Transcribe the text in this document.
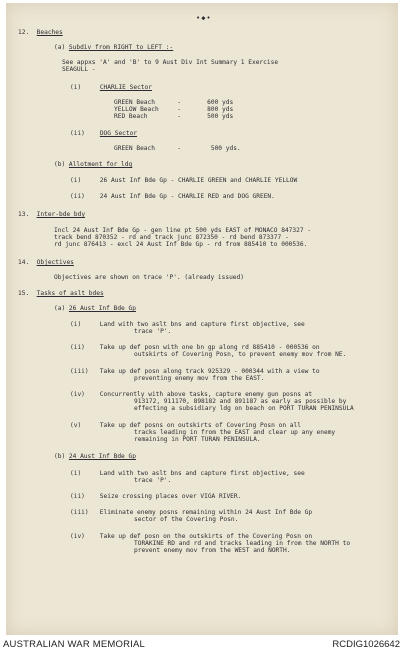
•◆•
12.  Beaches
(a) Subdiv from RIGHT to LEFT :-
See appxs 'A' and 'B' to 9 Aust Div Int Summary 1 Exercise
SEAGULL -
(i)     CHARLIE Sector
GREEN Beach      -       600 yds
YELLOW Beach     -       800 yds
RED Beach        -       500 yds
(ii)    DOG Sector
GREEN Beach      -        500 yds.
(b) Allotment for ldg
(i)     26 Aust Inf Bde Gp - CHARLIE GREEN and CHARLIE YELLOW
(ii)    24 Aust Inf Bde Gp - CHARLIE RED and DOG GREEN.
13.  Inter-bde bdy
Incl 24 Aust Inf Bde Gp - gen line pt 500 yds EAST of MONACO 847327 -
track bend 870352 - rd and track junc 872350 - rd bend 873377 -
rd junc 876413 - excl 24 Aust Inf Bde Gp - rd from 885410 to 000536.
14.  Objectives
Objectives are shown on trace 'P'. (already issued)
15.  Tasks of aslt bdes
(a) 26 Aust Inf Bde Gp
(i)     Land with two aslt bns and capture first objective, see
trace 'P'.
(ii)    Take up def posn with one bn gp along rd 885410 - 000536 on
outskirts of Covering Posn, to prevent enemy mov from NE.
(iii)   Take up def posn along track 925329 - 000344 with a view to
preventing enemy mov from the EAST.
(iv)    Concurrently with above tasks, capture enemy gun posns at
913172, 911170, 898182 and 891187 as early as possible by
effecting a subsidiary ldg on beach on PORT TURAN PENINSULA
(v)     Take up def posns on outskirts of Covering Posn on all
tracks leading in from the EAST and clear up any enemy
remaining in PORT TURAN PENINSULA.
(b) 24 Aust Inf Bde Gp
(i)     Land with two aslt bns and capture first objective, see
trace 'P'.
(ii)    Seize crossing places over VIGA RIVER.
(iii)   Eliminate enemy posns remaining within 24 Aust Inf Bde Gp
sector of the Covering Posn.
(iv)    Take up def posn on the outskirts of the Covering Posn on
TORAKINE RD and rd and tracks leading in from the NORTH to
prevent enemy mov from the WEST and NORTH.
AUSTRALIAN WAR MEMORIAL	RCDIG1026642
